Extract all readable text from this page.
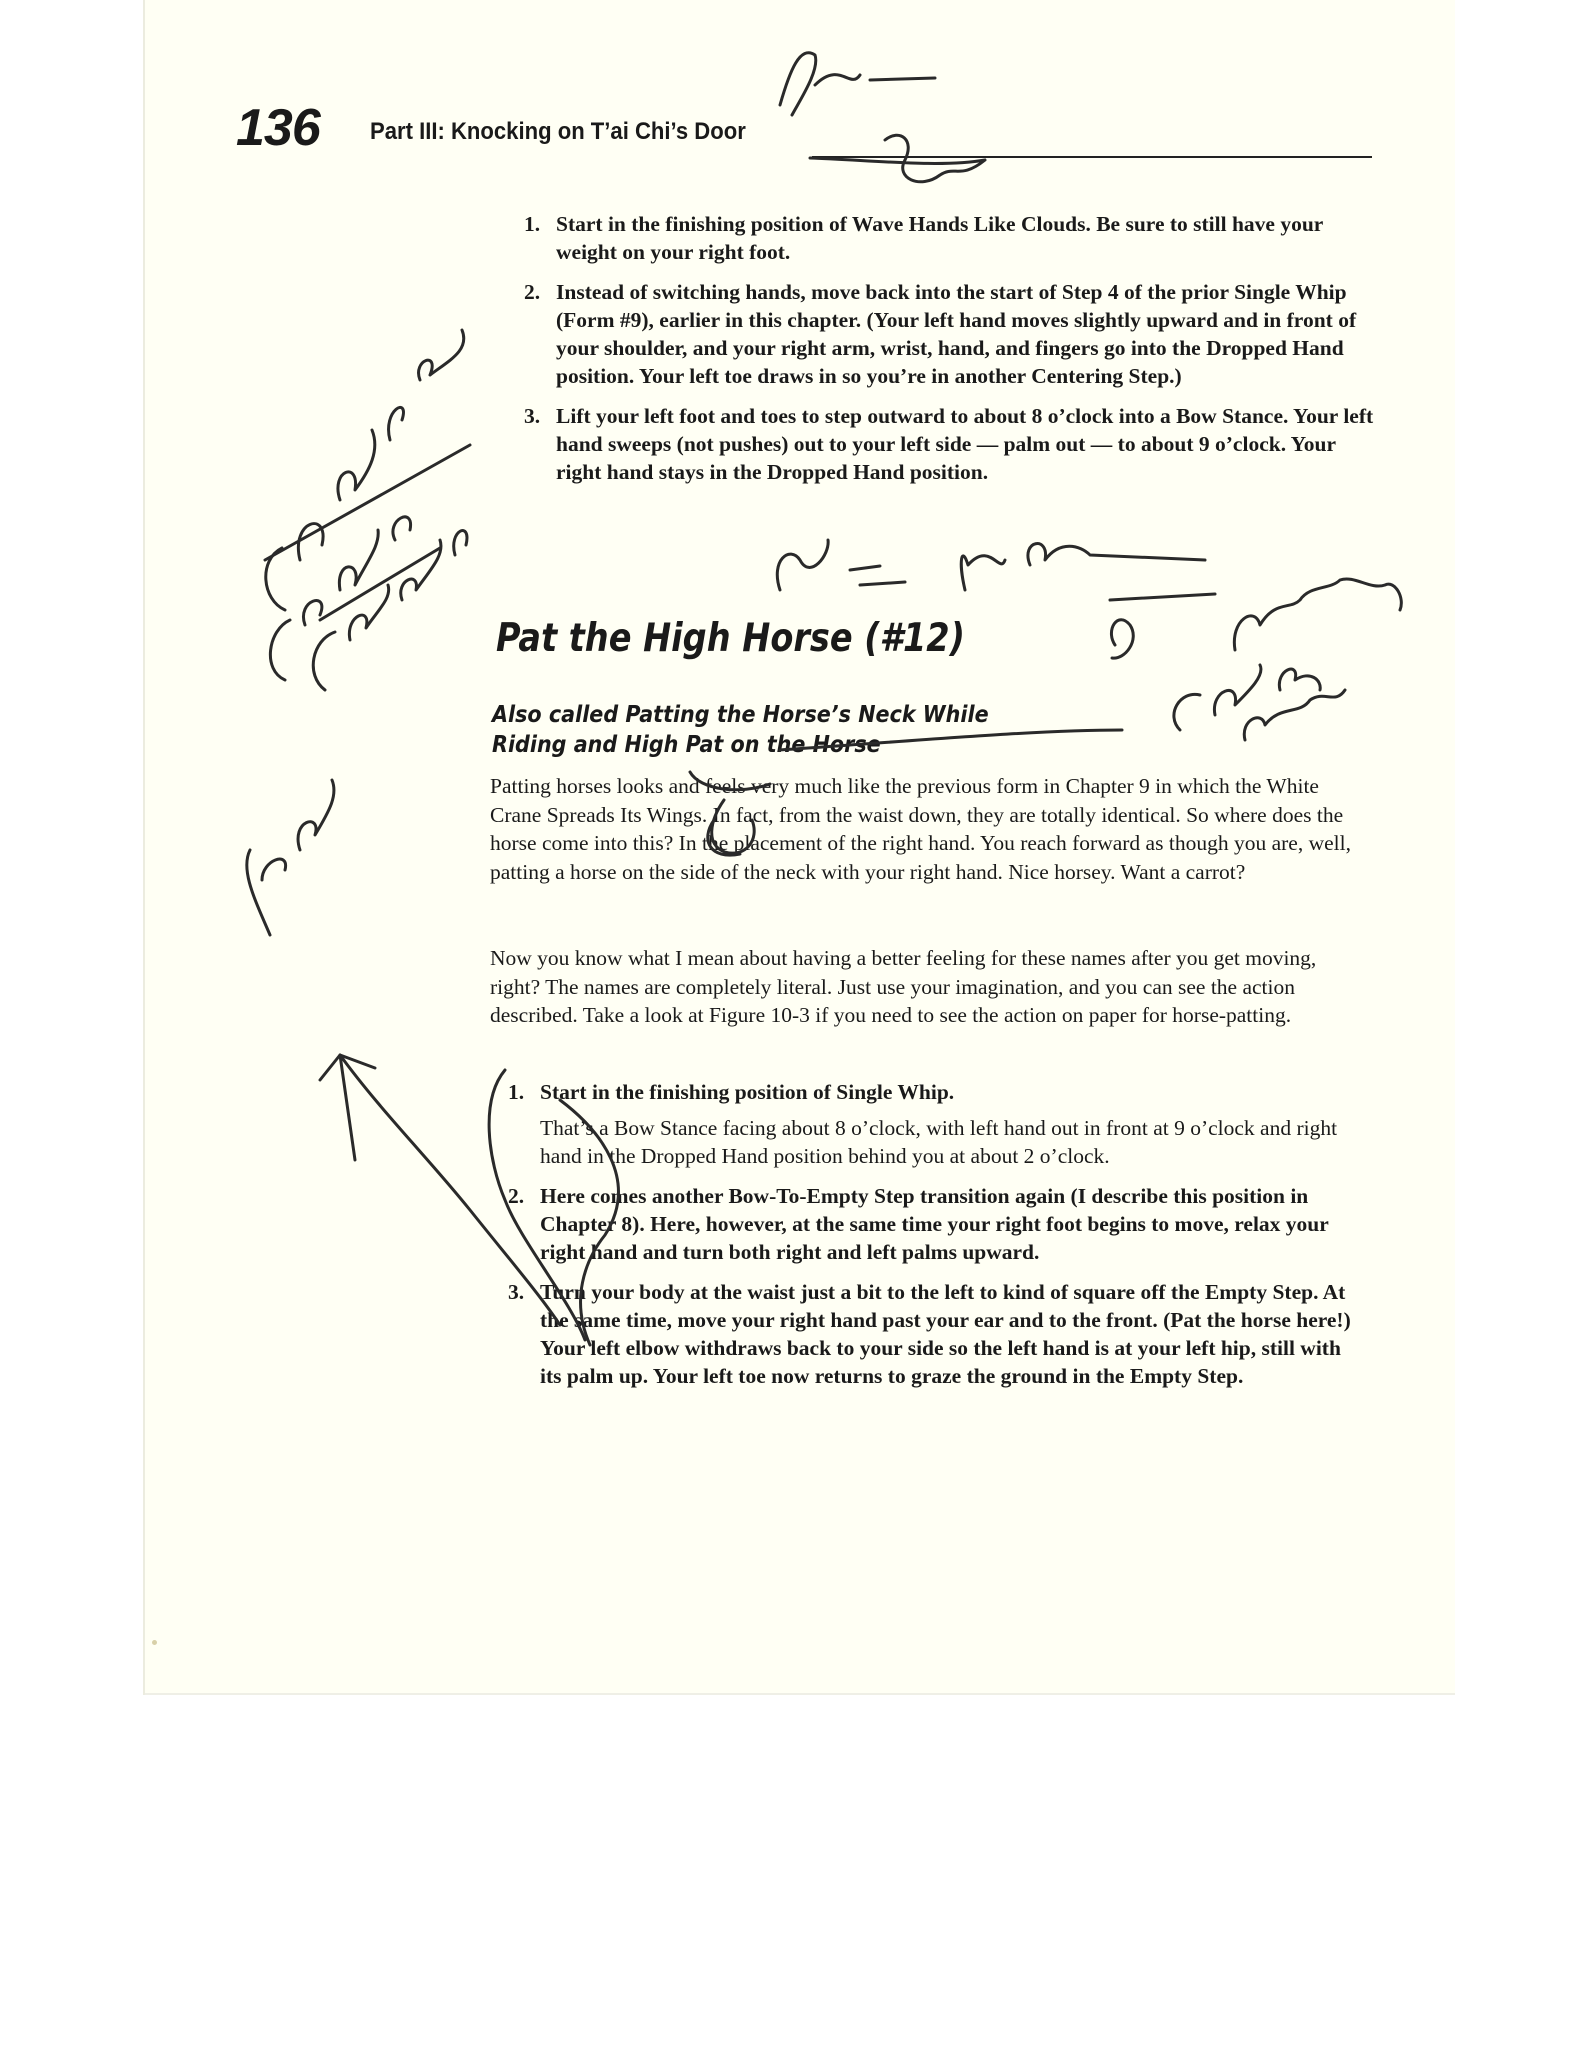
136 Part III: Knocking on T’ai Chi’s Door
1. Start in the finishing position of Wave Hands Like Clouds. Be sure to still have your weight on your right foot.
2. Instead of switching hands, move back into the start of Step 4 of the prior Single Whip (Form #9), earlier in this chapter. (Your left hand moves slightly upward and in front of your shoulder, and your right arm, wrist, hand, and fingers go into the Dropped Hand position. Your left toe draws in so you’re in another Centering Step.)
3. Lift your left foot and toes to step outward to about 8 o’clock into a Bow Stance. Your left hand sweeps (not pushes) out to your left side — palm out — to about 9 o’clock. Your right hand stays in the Dropped Hand position.
Pat the High Horse (#12)
Also called Patting the Horse’s Neck While Riding and High Pat on the Horse

Patting horses looks and feels very much like the previous form in Chapter 9 in which the White Crane Spreads Its Wings. In fact, from the waist down, they are totally identical. So where does the horse come into this? In the placement of the right hand. You reach forward as though you are, well, patting a horse on the side of the neck with your right hand. Nice horsey. Want a carrot?

Now you know what I mean about having a better feeling for these names after you get moving, right? The names are completely literal. Just use your imagination, and you can see the action described. Take a look at Figure 10-3 if you need to see the action on paper for horse-patting.

1. Start in the finishing position of Single Whip.
That’s a Bow Stance facing about 8 o’clock, with left hand out in front at 9 o’clock and right hand in the Dropped Hand position behind you at about 2 o’clock.
2. Here comes another Bow-To-Empty Step transition again (I describe this position in Chapter 8). Here, however, at the same time your right foot begins to move, relax your right hand and turn both right and left palms upward.
3. Turn your body at the waist just a bit to the left to kind of square off the Empty Step. At the same time, move your right hand past your ear and to the front. (Pat the horse here!) Your left elbow withdraws back to your side so the left hand is at your left hip, still with its palm up. Your left toe now returns to graze the ground in the Empty Step.
